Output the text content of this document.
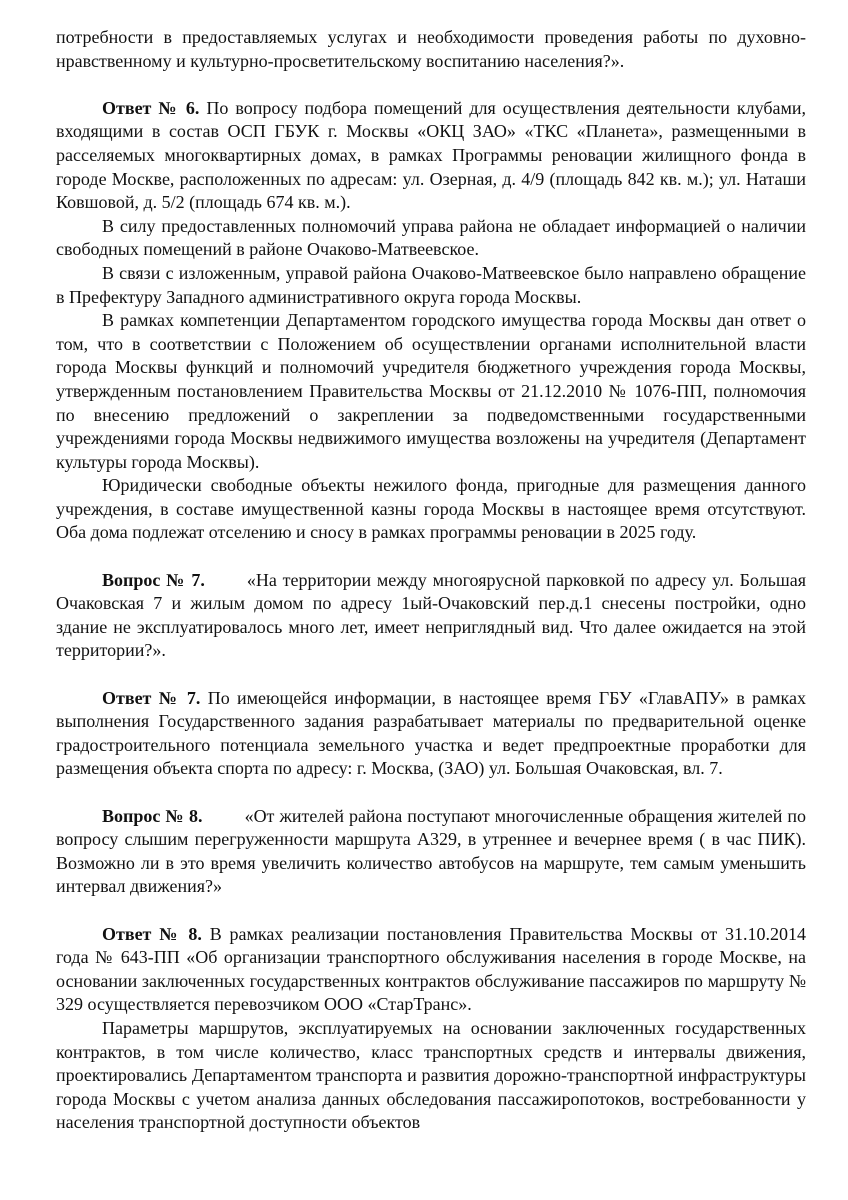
потребности в предоставляемых услугах и необходимости проведения работы по духовно-нравственному и культурно-просветительскому воспитанию населения?».

Ответ № 6. По вопросу подбора помещений для осуществления деятельности клубами, входящими в состав ОСП ГБУК г. Москвы «ОКЦ ЗАО» «ТКС «Планета», размещенными в расселяемых многоквартирных домах, в рамках Программы реновации жилищного фонда в городе Москве, расположенных по адресам: ул. Озерная, д. 4/9 (площадь 842 кв. м.); ул. Наташи Ковшовой, д. 5/2 (площадь 674 кв. м.).

В силу предоставленных полномочий управа района не обладает информацией о наличии свободных помещений в районе Очаково-Матвеевское.

В связи с изложенным, управой района Очаково-Матвеевское было направлено обращение в Префектуру Западного административного округа города Москвы.

В рамках компетенции Департаментом городского имущества города Москвы дан ответ о том, что в соответствии с Положением об осуществлении органами исполнительной власти города Москвы функций и полномочий учредителя бюджетного учреждения города Москвы, утвержденным постановлением Правительства Москвы от 21.12.2010 № 1076-ПП, полномочия по внесению предложений о закреплении за подведомственными государственными учреждениями города Москвы недвижимого имущества возложены на учредителя (Департамент культуры города Москвы).

Юридически свободные объекты нежилого фонда, пригодные для размещения данного учреждения, в составе имущественной казны города Москвы в настоящее время отсутствуют. Оба дома подлежат отселению и сносу в рамках программы реновации в 2025 году.

Вопрос № 7. «На территории между многоярусной парковкой по адресу ул. Большая Очаковская 7 и жилым домом по адресу 1ый-Очаковский пер.д.1 снесены постройки, одно здание не эксплуатировалось много лет, имеет неприглядный вид. Что далее ожидается на этой территории?».

Ответ № 7. По имеющейся информации, в настоящее время ГБУ «ГлавАПУ» в рамках выполнения Государственного задания разрабатывает материалы по предварительной оценке градостроительного потенциала земельного участка и ведет предпроектные проработки для размещения объекта спорта по адресу: г. Москва, (ЗАО) ул. Большая Очаковская, вл. 7.

Вопрос № 8. «От жителей района поступают многочисленные обращения жителей по вопросу слышим перегруженности маршрута А329, в утреннее и вечернее время ( в час ПИК). Возможно ли в это время увеличить количество автобусов на маршруте, тем самым уменьшить интервал движения?»

Ответ № 8. В рамках реализации постановления Правительства Москвы от 31.10.2014 года № 643-ПП «Об организации транспортного обслуживания населения в городе Москве, на основании заключенных государственных контрактов обслуживание пассажиров по маршруту № 329 осуществляется перевозчиком ООО «СтарТранс».

Параметры маршрутов, эксплуатируемых на основании заключенных государственных контрактов, в том числе количество, класс транспортных средств и интервалы движения, проектировались Департаментом транспорта и развития дорожно-транспортной инфраструктуры города Москвы с учетом анализа данных обследования пассажиропотоков, востребованности у населения транспортной доступности объектов
